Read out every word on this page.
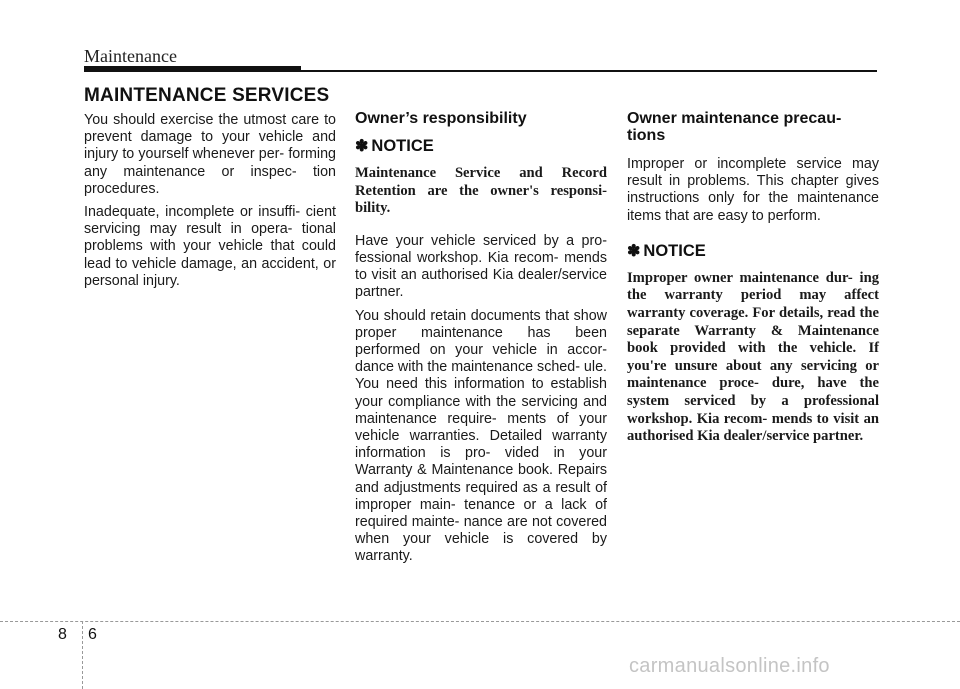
Maintenance
MAINTENANCE SERVICES

You should exercise the utmost care to prevent damage to your vehicle and injury to yourself whenever per- forming any maintenance or inspec- tion procedures.

Inadequate, incomplete or insuffi- cient servicing may result in opera- tional problems with your vehicle that could lead to vehicle damage, an accident, or personal injury.

Owner’s responsibility
✽ NOTICE

Maintenance Service and Record Retention are the owner's responsi- bility.

Have your vehicle serviced by a pro- fessional workshop. Kia recom- mends to visit an authorised Kia dealer/service partner.

You should retain documents that show proper maintenance has been performed on your vehicle in accor- dance with the maintenance sched- ule. You need this information to establish your compliance with the servicing and maintenance require- ments of your vehicle warranties. Detailed warranty information is pro- vided in your Warranty & Maintenance book. Repairs and adjustments required as a result of improper main- tenance or a lack of required mainte- nance are not covered when your vehicle is covered by warranty.

Owner maintenance precau- tions

Improper or incomplete service may result in problems. This chapter gives instructions only for the maintenance items that are easy to perform.

✽ NOTICE

Improper owner maintenance dur- ing the warranty period may affect warranty coverage. For details, read the separate Warranty & Maintenance book provided with the vehicle. If you're unsure about any servicing or maintenance proce- dure, have the system serviced by a professional workshop. Kia recom- mends to visit an authorised Kia dealer/service partner.

8 6
carmanualsonline.info
